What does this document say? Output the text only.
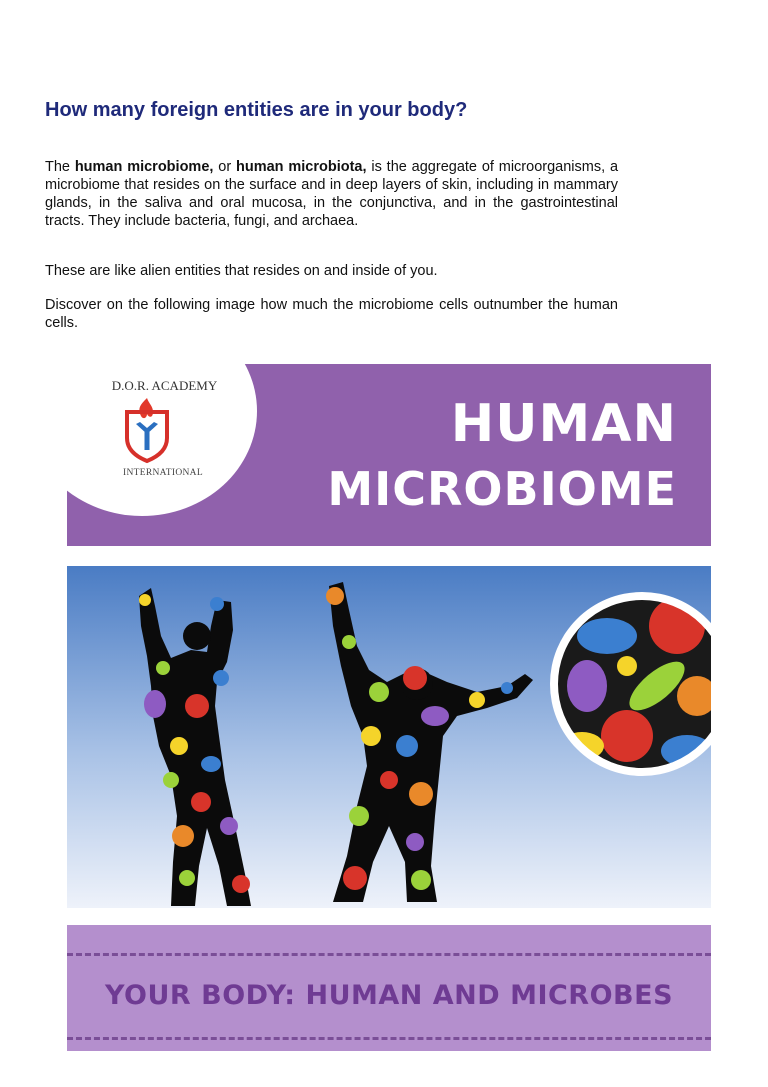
How many foreign entities are in your body?

The human microbiome, or human microbiota, is the aggregate of microorganisms, a microbiome that resides on the surface and in deep layers of skin, including in mammary glands, in the saliva and oral mucosa, in the conjunctiva, and in the gastrointestinal tracts. They include bacteria, fungi, and archaea.

These are like alien entities that resides on and inside of you.

Discover on the following image how much the microbiome cells outnumber the human cells.

D.O.R. ACADEMY
INTERNATIONAL
HUMAN
MICROBIOME
YOUR BODY: HUMAN AND MICROBES
